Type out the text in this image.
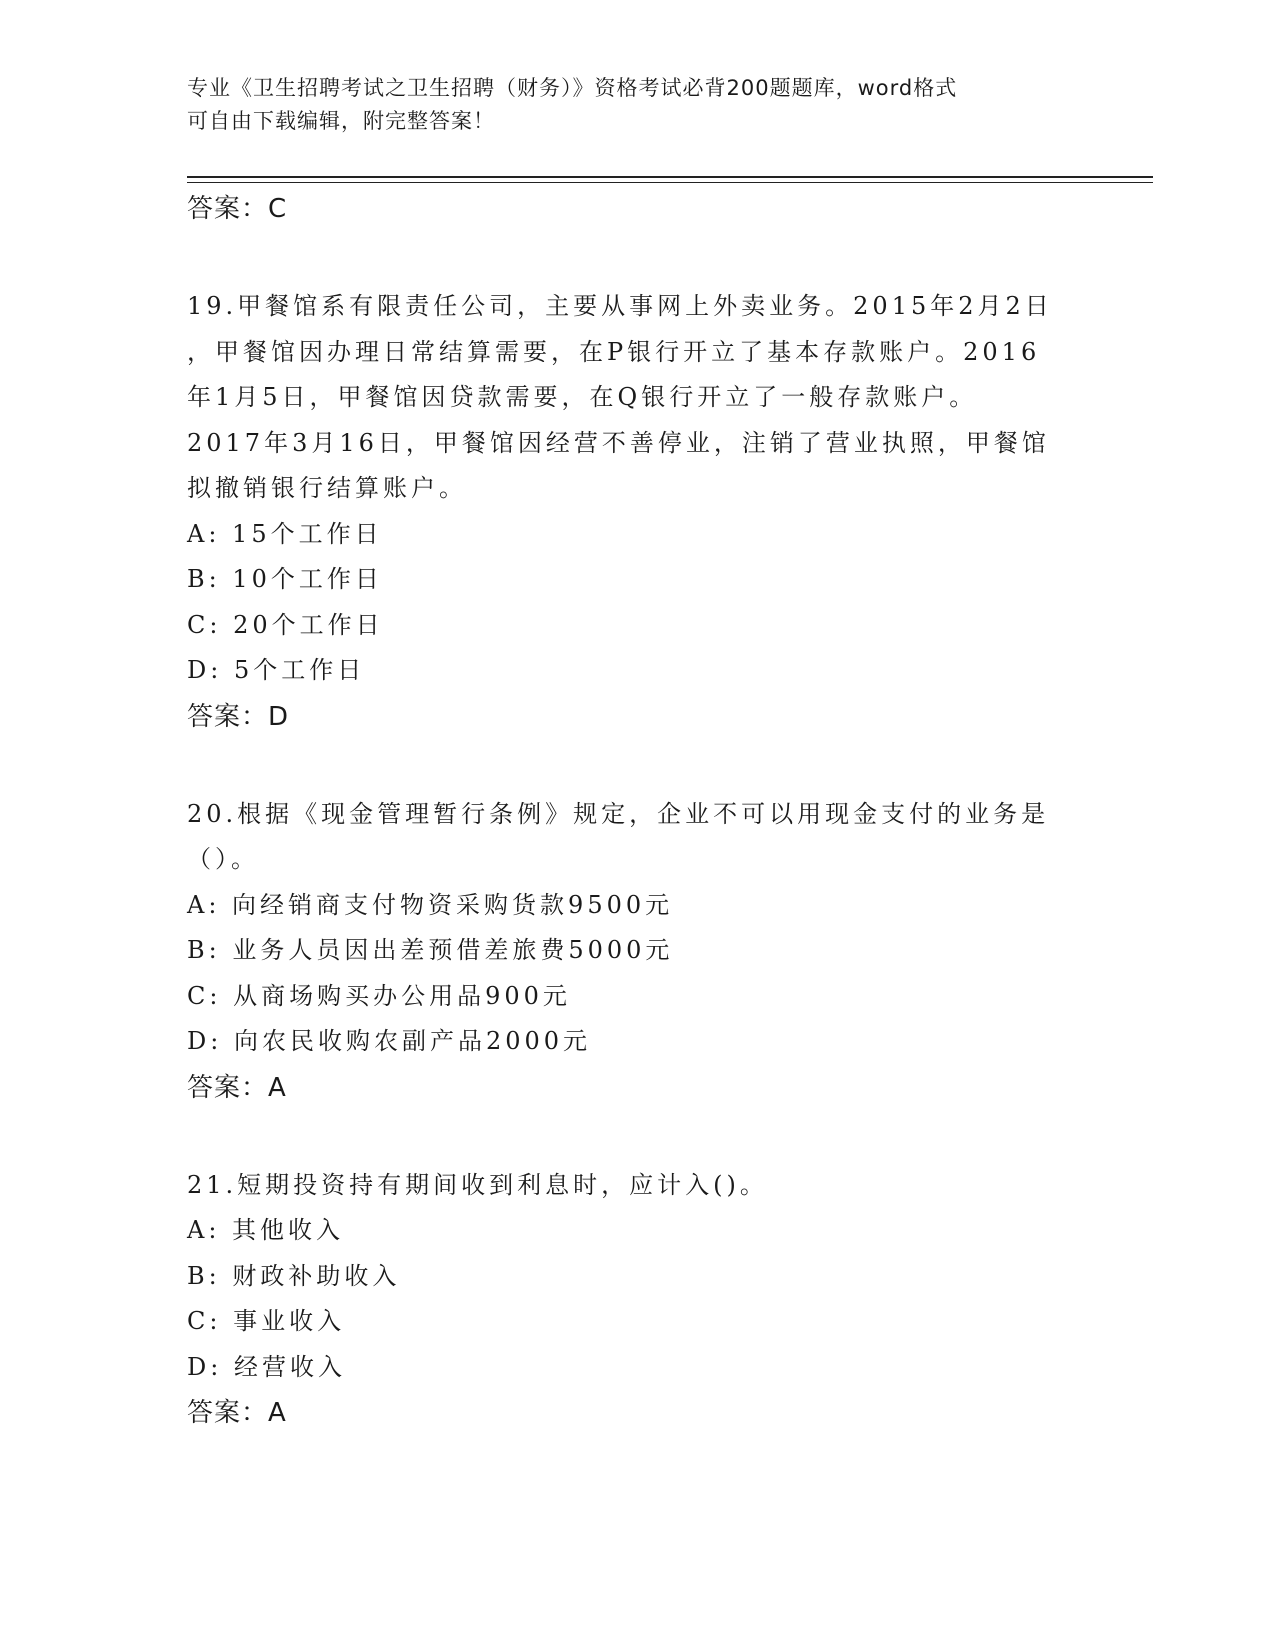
专业《卫生招聘考试之卫生招聘（财务）》资格考试必背200题题库，word格式
可自由下载编辑，附完整答案！
答案：C
19.甲餐馆系有限责任公司，主要从事网上外卖业务。2015年2月2日
，甲餐馆因办理日常结算需要，在P银行开立了基本存款账户。2016
年1月5日，甲餐馆因贷款需要，在Q银行开立了一般存款账户。
2017年3月16日，甲餐馆因经营不善停业，注销了营业执照，甲餐馆
拟撤销银行结算账户。
A: 15个工作日
B: 10个工作日
C: 20个工作日
D: 5个工作日
答案：D
20.根据《现金管理暂行条例》规定，企业不可以用现金支付的业务是
（）。
A: 向经销商支付物资采购货款9500元
B: 业务人员因出差预借差旅费5000元
C: 从商场购买办公用品900元
D: 向农民收购农副产品2000元
答案：A
21.短期投资持有期间收到利息时，应计入()。
A: 其他收入
B: 财政补助收入
C: 事业收入
D: 经营收入
答案：A
